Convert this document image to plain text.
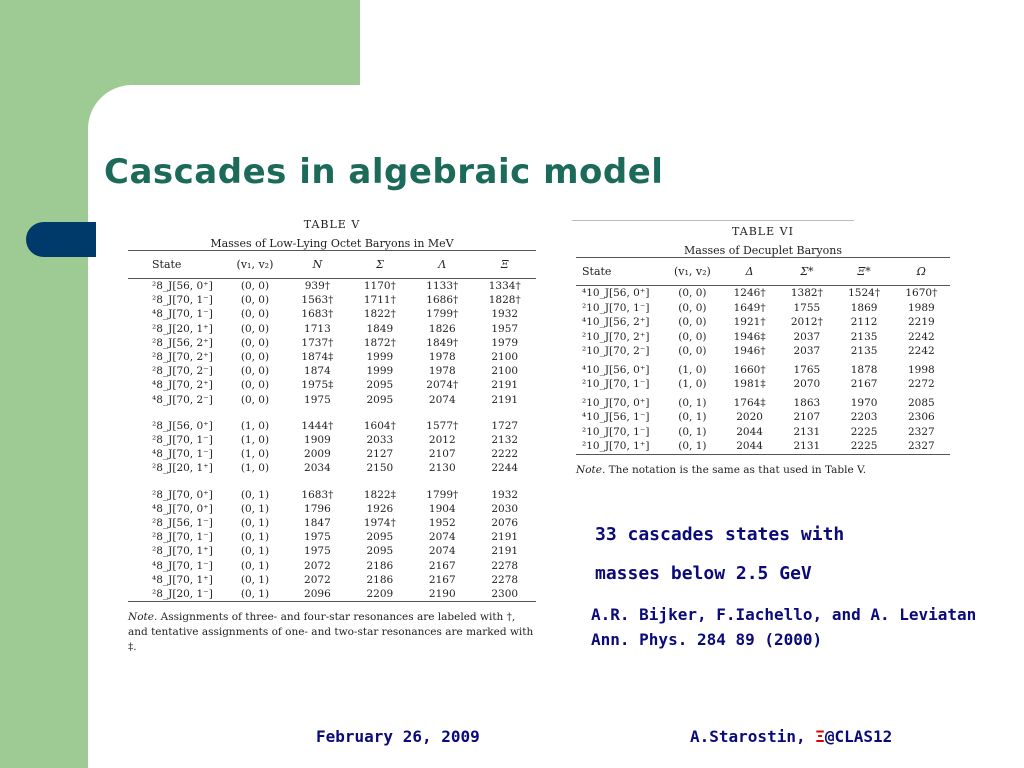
Cascades in algebraic model
TABLE V
Masses of Low-Lying Octet Baryons in MeV
State	(v₁, v₂)	N	Σ	Λ	Ξ
²8_J[56, 0⁺]	(0, 0)	939†	1170†	1133†	1334†
²8_J[70, 1⁻]	(0, 0)	1563†	1711†	1686†	1828†
⁴8_J[70, 1⁻]	(0, 0)	1683†	1822†	1799†	1932
²8_J[20, 1⁺]	(0, 0)	1713	1849	1826	1957
²8_J[56, 2⁺]	(0, 0)	1737†	1872†	1849†	1979
²8_J[70, 2⁺]	(0, 0)	1874‡	1999	1978	2100
²8_J[70, 2⁻]	(0, 0)	1874	1999	1978	2100
⁴8_J[70, 2⁺]	(0, 0)	1975‡	2095	2074†	2191
⁴8_J[70, 2⁻]	(0, 0)	1975	2095	2074	2191

²8_J[56, 0⁺]	(1, 0)	1444†	1604†	1577†	1727
²8_J[70, 1⁻]	(1, 0)	1909	2033	2012	2132
⁴8_J[70, 1⁻]	(1, 0)	2009	2127	2107	2222
²8_J[20, 1⁺]	(1, 0)	2034	2150	2130	2244

²8_J[70, 0⁺]	(0, 1)	1683†	1822‡	1799†	1932
⁴8_J[70, 0⁺]	(0, 1)	1796	1926	1904	2030
²8_J[56, 1⁻]	(0, 1)	1847	1974†	1952	2076
²8_J[70, 1⁻]	(0, 1)	1975	2095	2074	2191
²8_J[70, 1⁺]	(0, 1)	1975	2095	2074	2191
⁴8_J[70, 1⁻]	(0, 1)	2072	2186	2167	2278
⁴8_J[70, 1⁺]	(0, 1)	2072	2186	2167	2278
²8_J[20, 1⁻]	(0, 1)	2096	2209	2190	2300
Note. Assignments of three- and four-star resonances are labeled with †, and tentative assignments of one- and two-star resonances are marked with ‡.
TABLE VI
Masses of Decuplet Baryons
State	(v₁, v₂)	Δ	Σ*	Ξ*	Ω
⁴10_J[56, 0⁺]	(0, 0)	1246†	1382†	1524†	1670†
²10_J[70, 1⁻]	(0, 0)	1649†	1755	1869	1989
⁴10_J[56, 2⁺]	(0, 0)	1921†	2012†	2112	2219
²10_J[70, 2⁺]	(0, 0)	1946‡	2037	2135	2242
²10_J[70, 2⁻]	(0, 0)	1946†	2037	2135	2242

⁴10_J[56, 0⁺]	(1, 0)	1660†	1765	1878	1998
²10_J[70, 1⁻]	(1, 0)	1981‡	2070	2167	2272

²10_J[70, 0⁺]	(0, 1)	1764‡	1863	1970	2085
⁴10_J[56, 1⁻]	(0, 1)	2020	2107	2203	2306
²10_J[70, 1⁻]	(0, 1)	2044	2131	2225	2327
²10_J[70, 1⁺]	(0, 1)	2044	2131	2225	2327
Note. The notation is the same as that used in Table V.
33 cascades states with
masses below 2.5 GeV
A.R. Bijker, F.Iachello, and A. Leviatan
Ann. Phys. 284 89 (2000)
February 26, 2009	A.Starostin, Ξ@CLAS12
